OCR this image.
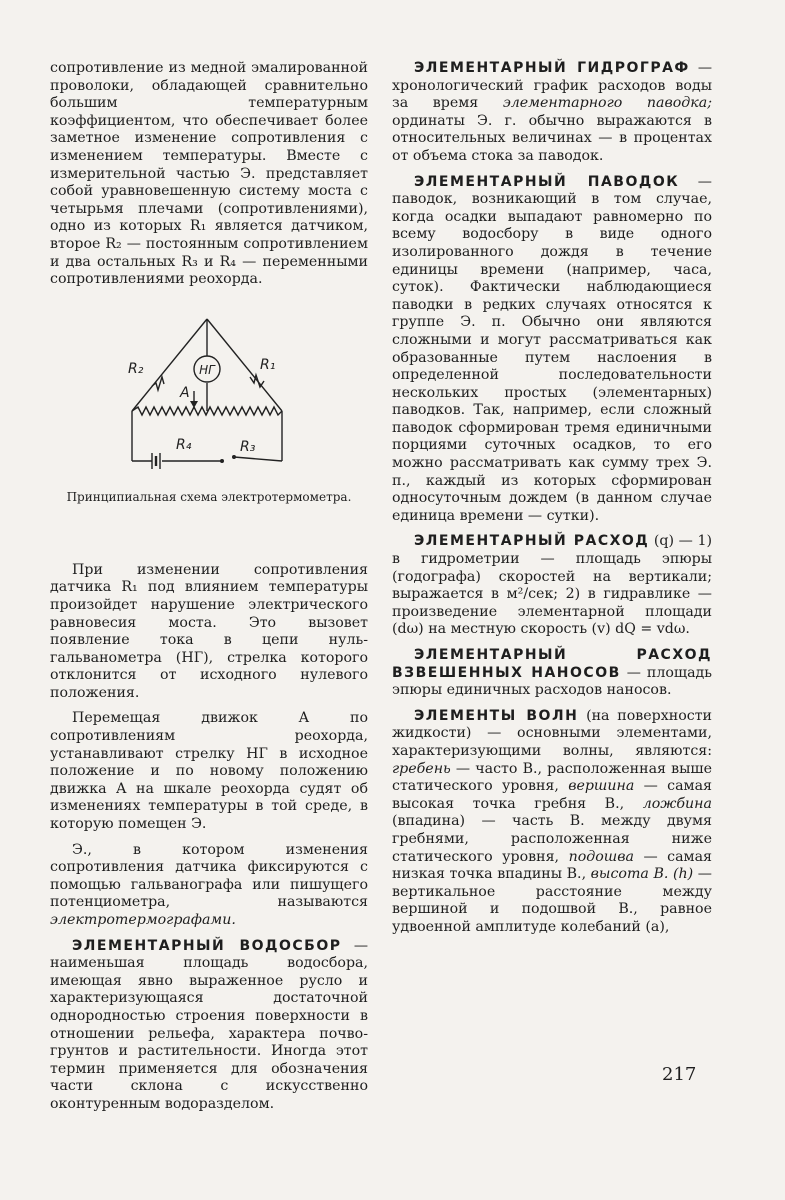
сопротивление из медной эмалированной проволоки, обладающей сравнительно большим температурным коэффициентом, что обеспечивает более заметное изменение сопротивления с изменением температуры. Вместе с измерительной частью Э. представляет собой уравновешенную систему моста с четырьмя плечами (сопротивлениями), одно из которых R₁ является датчиком, второе R₂ — постоянным сопротивлением и два остальных R₃ и R₄ — переменными сопротивлениями реохорда.

НГ
R₂	R₁
A
R₄	R₃
Принципиальная схема электротермометра.

При изменении сопротивления датчика R₁ под влиянием температуры произойдет нарушение электрического равновесия моста. Это вызовет появление тока в цепи нуль-гальванометра (НГ), стрелка которого отклонится от исходного нулевого положения.

Перемещая движок A по сопротивлениям реохорда, устанавливают стрелку НГ в исходное положение и по новому положению движка A на шкале реохорда судят об изменениях температуры в той среде, в которую помещен Э.

Э., в котором изменения сопротивления датчика фиксируются с помощью гальванографа или пишущего потенциометра, называются электротермографами.

ЭЛЕМЕНТАРНЫЙ ВОДОСБОР — наименьшая площадь водосбора, имеющая явно выраженное русло и характеризующаяся достаточной однородностью строения поверхности в отношении рельефа, характера почво-грунтов и растительности. Иногда этот термин применяется для обозначения части склона с искусственно оконтуренным водоразделом.

ЭЛЕМЕНТАРНЫЙ ГИДРОГРАФ — хронологический график расходов воды за время элементарного паводка; ординаты Э. г. обычно выражаются в относительных величинах — в процентах от объема стока за паводок.

ЭЛЕМЕНТАРНЫЙ ПАВОДОК — паводок, возникающий в том случае, когда осадки выпадают равномерно по всему водосбору в виде одного изолированного дождя в течение единицы времени (например, часа, суток). Фактически наблюдающиеся паводки в редких случаях относятся к группе Э. п. Обычно они являются сложными и могут рассматриваться как образованные путем наслоения в определенной последовательности нескольких простых (элементарных) паводков. Так, например, если сложный паводок сформирован тремя единичными порциями суточных осадков, то его можно рассматривать как сумму трех Э. п., каждый из которых сформирован односуточным дождем (в данном случае единица времени — сутки).

ЭЛЕМЕНТАРНЫЙ РАСХОД (q) — 1) в гидрометрии — площадь эпюры (годографа) скоростей на вертикали; выражается в м²/сек; 2) в гидравлике — произведение элементарной площади (dω) на местную скорость (v) dQ = vdω.

ЭЛЕМЕНТАРНЫЙ РАСХОД ВЗВЕШЕННЫХ НАНОСОВ — площадь эпюры единичных расходов наносов.

ЭЛЕМЕНТЫ ВОЛН (на поверхности жидкости) — основными элементами, характеризующими волны, являются: гребень — часто В., расположенная выше статического уровня, вершина — самая высокая точка гребня В., ложбина (впадина) — часть В. между двумя гребнями, расположенная ниже статического уровня, подошва — самая низкая точка впадины В., высота В. (h) — вертикальное расстояние между вершиной и подошвой В., равное удвоенной амплитуде колебаний (a),

217
